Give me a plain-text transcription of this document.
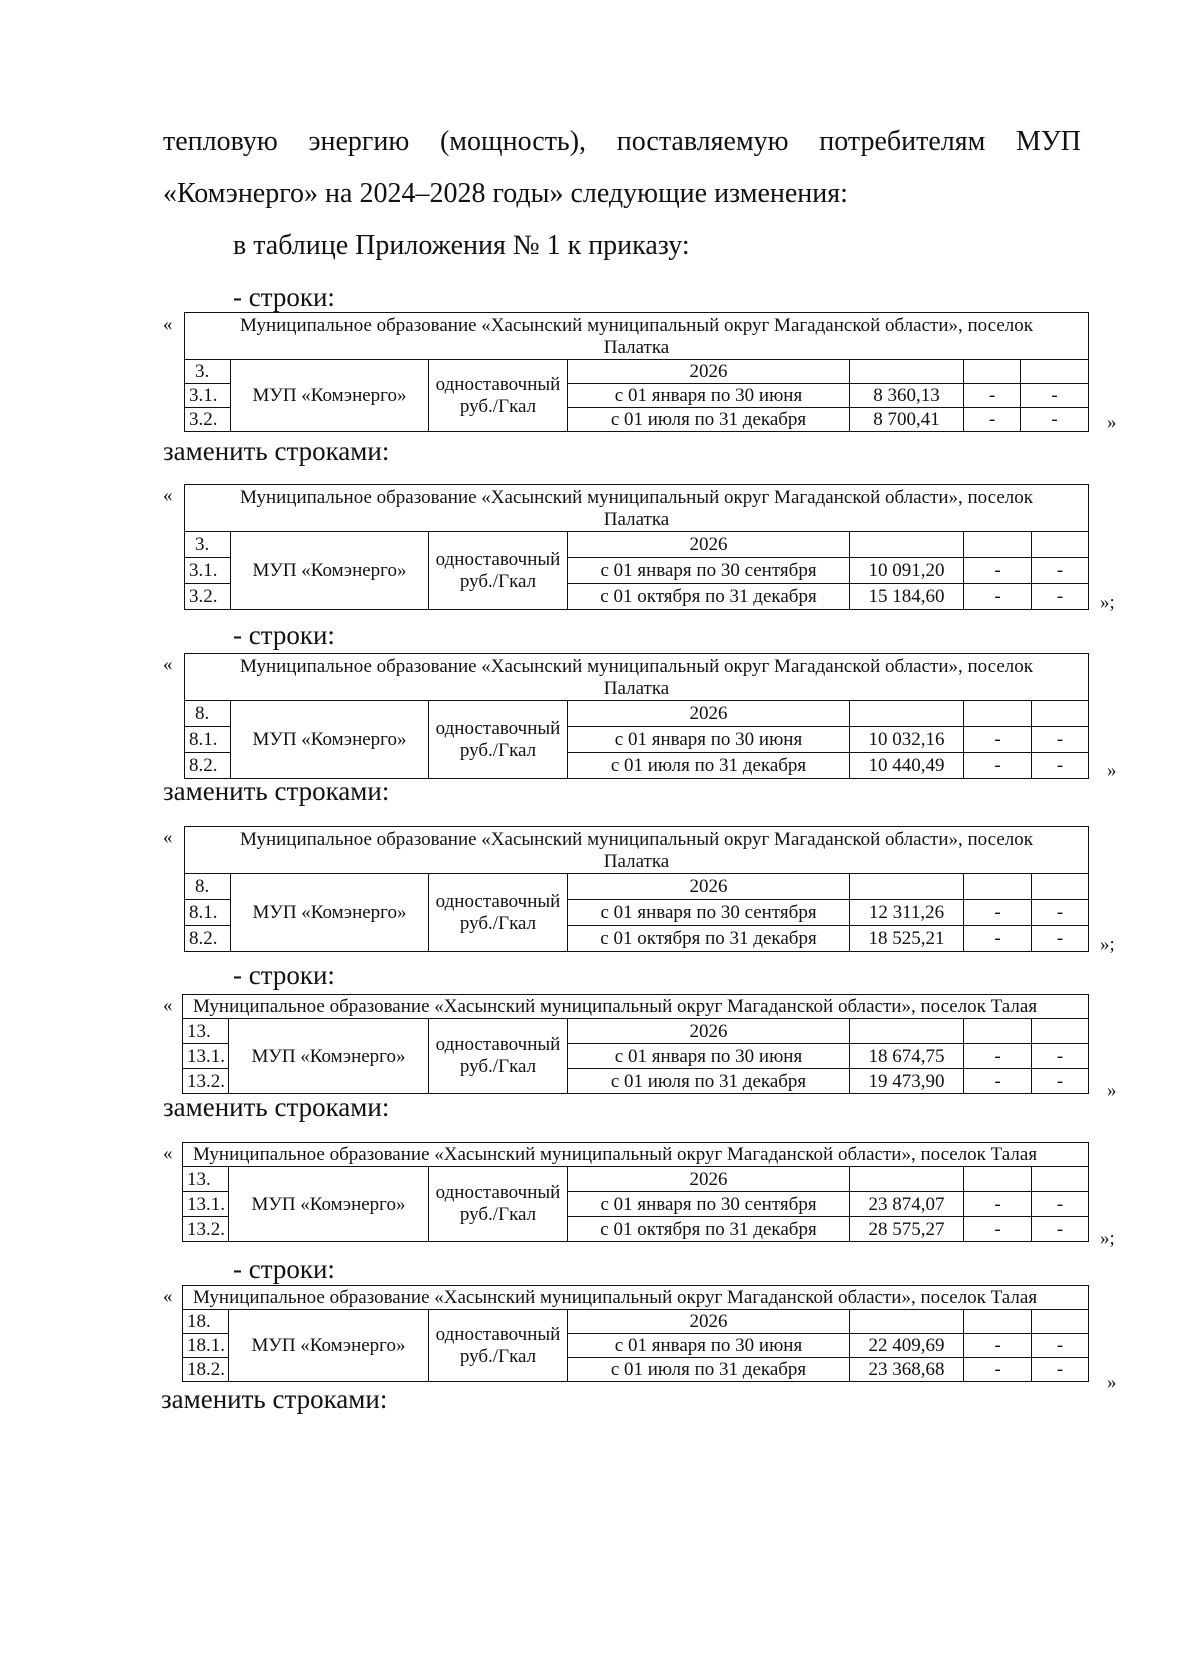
тепловую энергию (мощность), поставляемую потребителям МУП
«Комэнерго» на 2024–2028 годы» следующие изменения:
в таблице Приложения № 1 к приказу:
- строки:
заменить строками:
- строки:
заменить строками:
- строки:
заменить строками:
- строки:
заменить строками:
«
»
«
»;
«
»
«
»;
«
»
«
»;
«
»
Муниципальное образование «Хасынский муниципальный округ Магаданской области», поселок Палатка						
3.	МУП «Комэнерго»	одноставочный руб./Гкал	2026			
3.1.			с 01 января по 30 июня	8 360,13	-	-
3.2.			с 01 июля по 31 декабря	8 700,41	-	-
Муниципальное образование «Хасынский муниципальный округ Магаданской области», поселок Палатка						
3.	МУП «Комэнерго»	одноставочный руб./Гкал	2026			
3.1.			с 01 января по 30 сентября	10 091,20	-	-
3.2.			с 01 октября по 31 декабря	15 184,60	-	-
Муниципальное образование «Хасынский муниципальный округ Магаданской области», поселок Палатка						
8.	МУП «Комэнерго»	одноставочный руб./Гкал	2026			
8.1.			с 01 января по 30 июня	10 032,16	-	-
8.2.			с 01 июля по 31 декабря	10 440,49	-	-
Муниципальное образование «Хасынский муниципальный округ Магаданской области», поселок Палатка						
8.	МУП «Комэнерго»	одноставочный руб./Гкал	2026			
8.1.			с 01 января по 30 сентября	12 311,26	-	-
8.2.			с 01 октября по 31 декабря	18 525,21	-	-
Муниципальное образование «Хасынский муниципальный округ Магаданской области», поселок Талая						
13.	МУП «Комэнерго»	одноставочный руб./Гкал	2026			
13.1.			с 01 января по 30 июня	18 674,75	-	-
13.2.			с 01 июля по 31 декабря	19 473,90	-	-
Муниципальное образование «Хасынский муниципальный округ Магаданской области», поселок Талая						
13.	МУП «Комэнерго»	одноставочный руб./Гкал	2026			
13.1.			с 01 января по 30 сентября	23 874,07	-	-
13.2.			с 01 октября по 31 декабря	28 575,27	-	-
Муниципальное образование «Хасынский муниципальный округ Магаданской области», поселок Талая						
18.	МУП «Комэнерго»	одноставочный руб./Гкал	2026			
18.1.			с 01 января по 30 июня	22 409,69	-	-
18.2.			с 01 июля по 31 декабря	23 368,68	-	-
